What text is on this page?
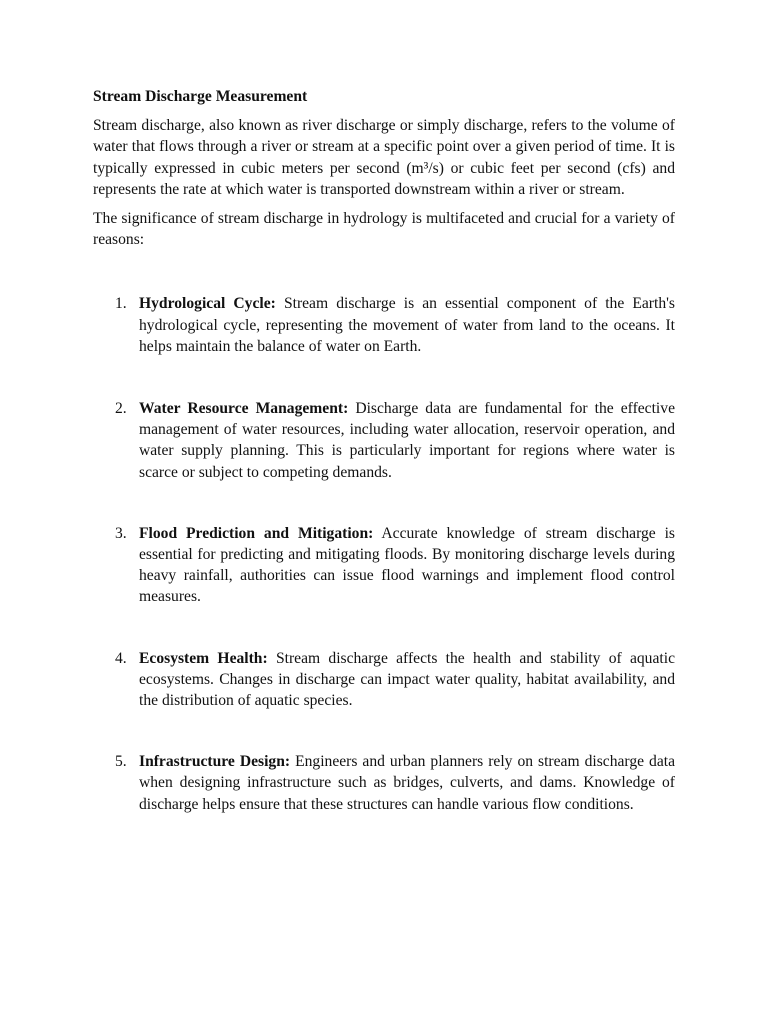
Stream Discharge Measurement

Stream discharge, also known as river discharge or simply discharge, refers to the volume of water that flows through a river or stream at a specific point over a given period of time. It is typically expressed in cubic meters per second (m³/s) or cubic feet per second (cfs) and represents the rate at which water is transported downstream within a river or stream.

The significance of stream discharge in hydrology is multifaceted and crucial for a variety of reasons:

1. Hydrological Cycle: Stream discharge is an essential component of the Earth's hydrological cycle, representing the movement of water from land to the oceans. It helps maintain the balance of water on Earth.
2. Water Resource Management: Discharge data are fundamental for the effective management of water resources, including water allocation, reservoir operation, and water supply planning. This is particularly important for regions where water is scarce or subject to competing demands.
3. Flood Prediction and Mitigation: Accurate knowledge of stream discharge is essential for predicting and mitigating floods. By monitoring discharge levels during heavy rainfall, authorities can issue flood warnings and implement flood control measures.
4. Ecosystem Health: Stream discharge affects the health and stability of aquatic ecosystems. Changes in discharge can impact water quality, habitat availability, and the distribution of aquatic species.
5. Infrastructure Design: Engineers and urban planners rely on stream discharge data when designing infrastructure such as bridges, culverts, and dams. Knowledge of discharge helps ensure that these structures can handle various flow conditions.
